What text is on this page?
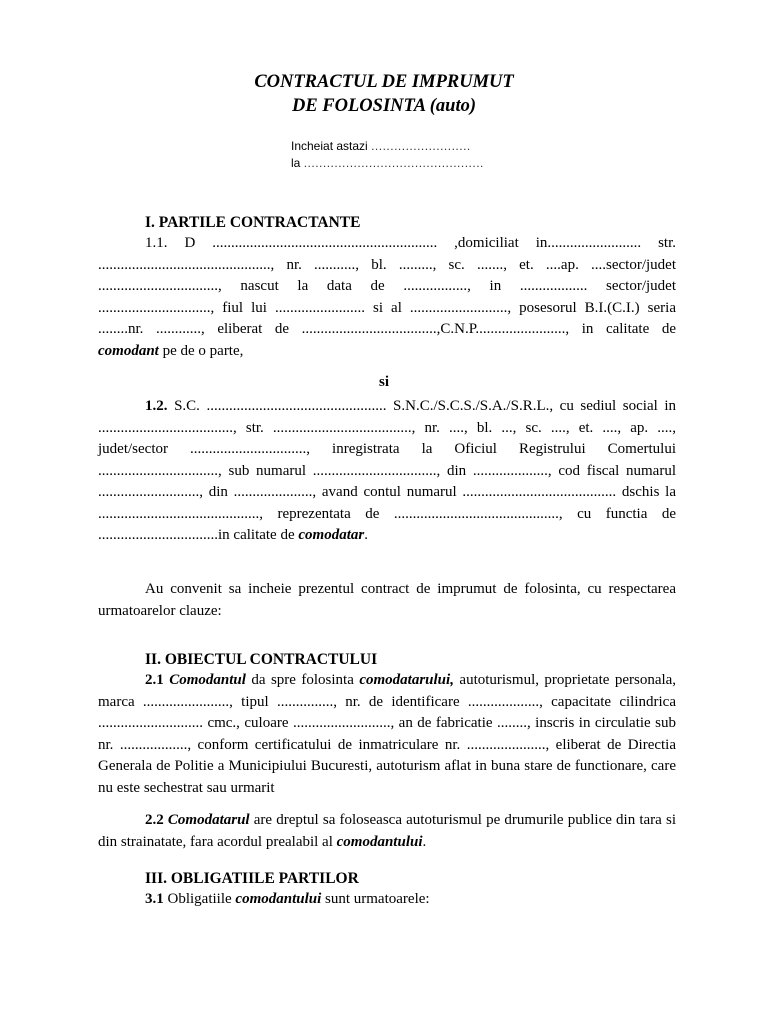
CONTRACTUL DE IMPRUMUT
DE FOLOSINTA (auto)
Incheiat astazi ..........................
la ...............................................
I. PARTILE CONTRACTANTE
1.1. D ............................................................ ,domiciliat in......................... str. .............................................., nr. ..........., bl. ........., sc. ......., et. ....ap. ....sector/judet ................................, nascut la data de ................., in .................. sector/judet .............................., fiul lui ........................ si al .........................., posesorul B.I.(C.I.) seria ........nr. ............, eliberat de ....................................,C.N.P........................, in calitate de comodant pe de o parte,
si
1.2. S.C. ................................................ S.N.C./S.C.S./S.A./S.R.L., cu sediul social in ...................................., str. ....................................., nr. ...., bl. ..., sc. ...., et. ...., ap. ...., judet/sector ..............................., inregistrata la Oficiul Registrului Comertului ................................, sub numarul ................................., din ...................., cod fiscal numarul ..........................., din ....................., avand contul numarul ......................................... dschis la ..........................................., reprezentata de ............................................, cu functia de ................................in calitate de comodatar.
Au convenit sa incheie prezentul contract de imprumut de folosinta, cu respectarea urmatoarelor clauze:
II. OBIECTUL CONTRACTULUI
2.1 Comodantul da spre folosinta comodatarului, autoturismul, proprietate personala, marca ......................., tipul ..............., nr. de identificare ..................., capacitate cilindrica ............................ cmc., culoare .........................., an de fabricatie ........, inscris in circulatie sub nr. .................., conform certificatului de inmatriculare nr. ....................., eliberat de Directia Generala de Politie a Municipiului Bucuresti, autoturism aflat in buna stare de functionare, care nu este sechestrat sau urmarit
2.2 Comodatarul are dreptul sa foloseasca autoturismul pe drumurile publice din tara si din strainatate, fara acordul prealabil al comodantului.
III. OBLIGATIILE PARTILOR
3.1 Obligatiile comodantului sunt urmatoarele:
